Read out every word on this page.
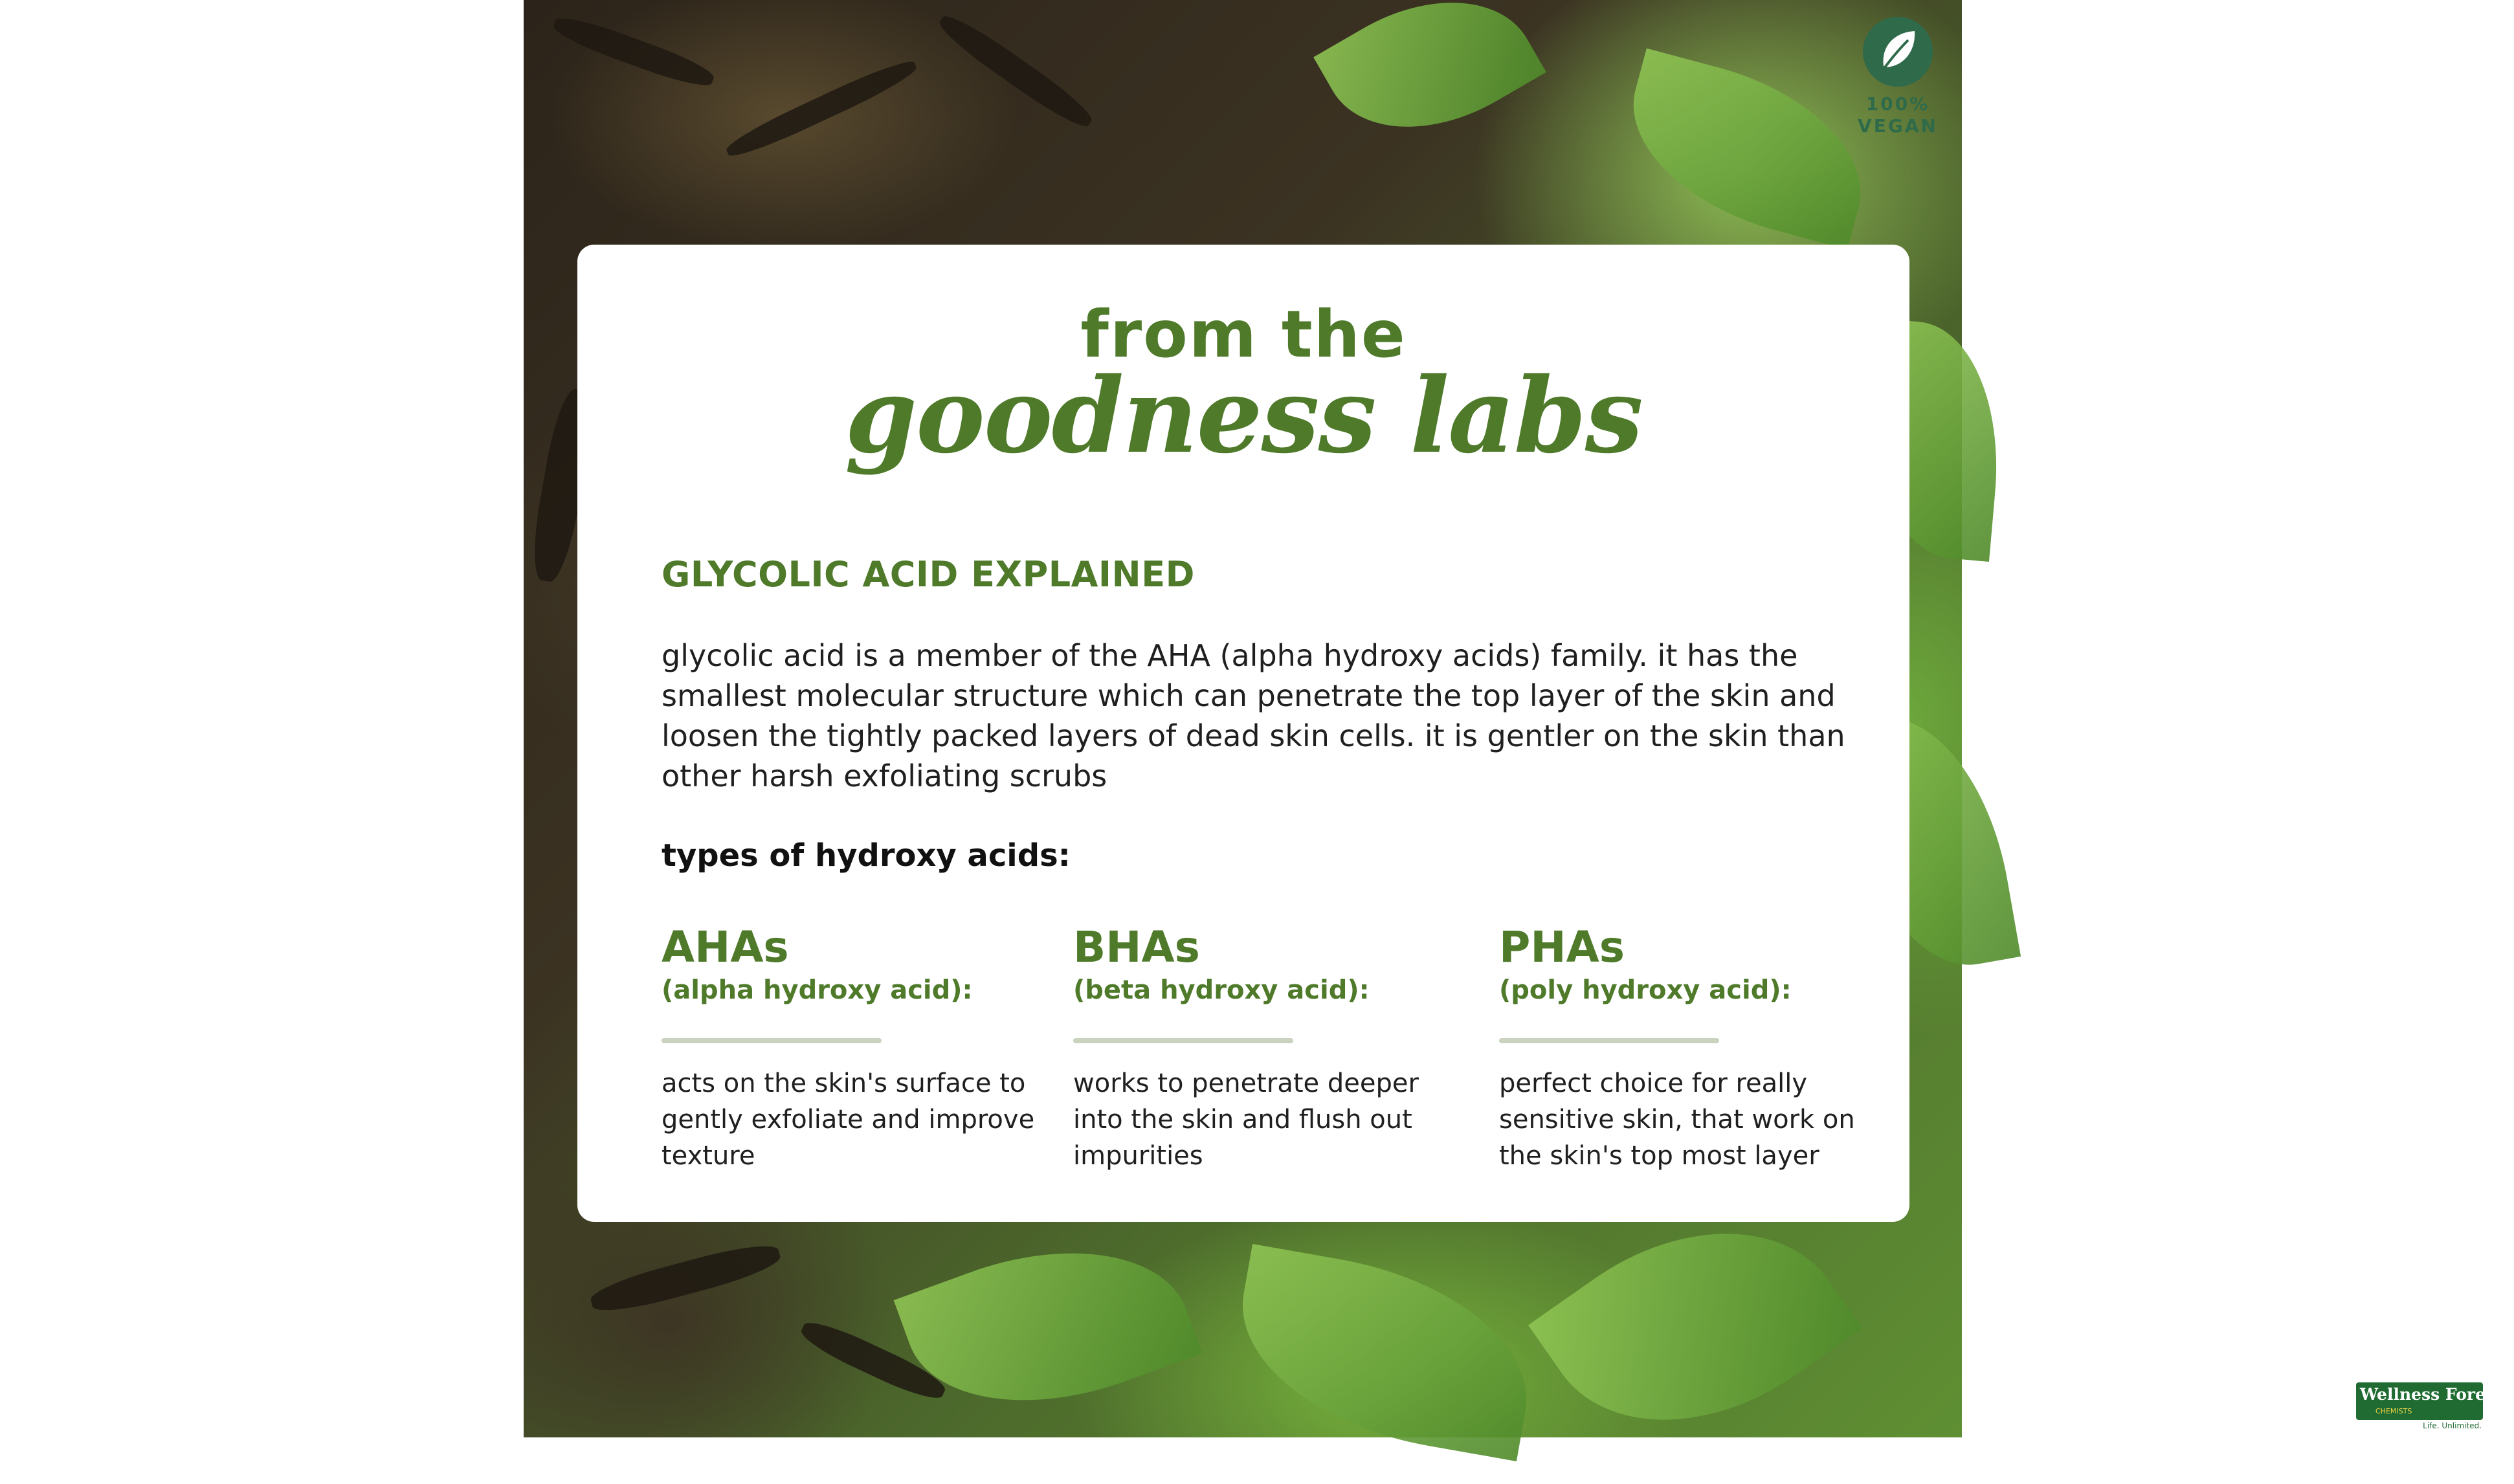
100%
VEGAN
from the
goodness labs
GLYCOLIC ACID EXPLAINED
glycolic acid is a member of the AHA (alpha hydroxy acids) family. it has the smallest molecular structure which can penetrate the top layer of the skin and loosen the tightly packed layers of dead skin cells. it is gentler on the skin than other harsh exfoliating scrubs
types of hydroxy acids:
AHAs
(alpha hydroxy acid):
acts on the skin's surface to gently exfoliate and improve texture
BHAs
(beta hydroxy acid):
works to penetrate deeper into the skin and flush out impurities
PHAs
(poly hydroxy acid):
perfect choice for really sensitive skin, that work on the skin's top most layer
Wellness Forever
CHEMISTS
Life. Unlimited.
